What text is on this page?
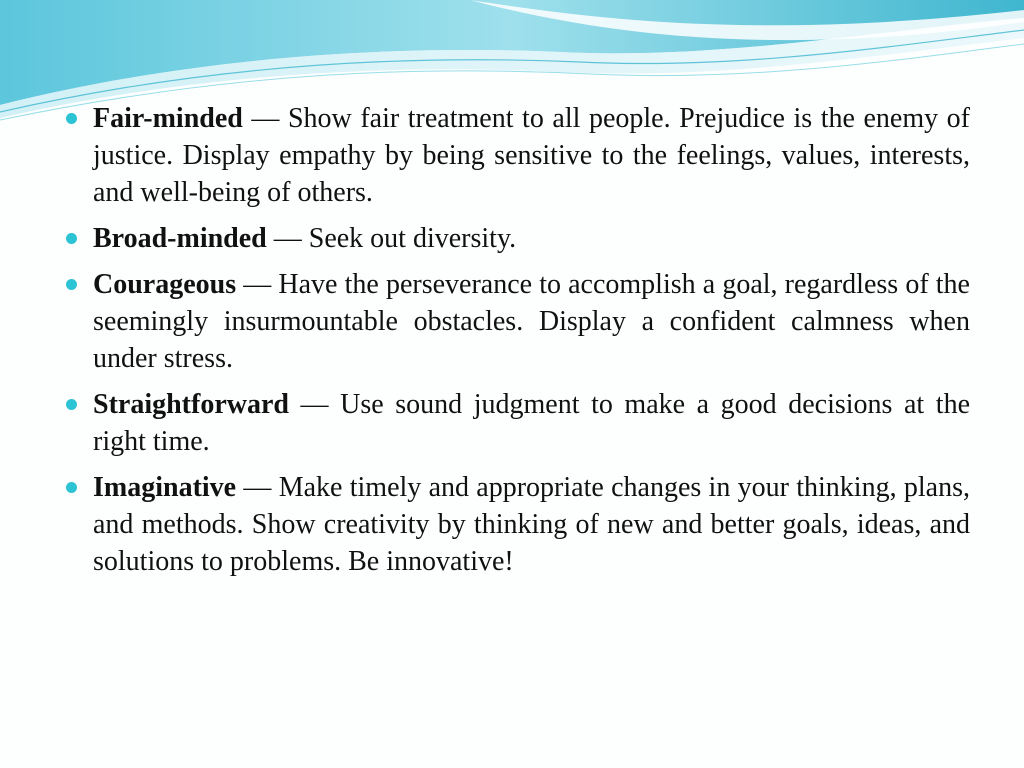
Fair-minded — Show fair treatment to all people. Prejudice is the enemy of justice. Display empathy by being sensitive to the feelings, values, interests, and well-being of others.
Broad-minded — Seek out diversity.
Courageous — Have the perseverance to accomplish a goal, regardless of the seemingly insurmountable obstacles. Display a confident calmness when under stress.
Straightforward — Use sound judgment to make a good decisions at the right time.
Imaginative — Make timely and appropriate changes in your thinking, plans, and methods. Show creativity by thinking of new and better goals, ideas, and solutions to problems. Be innovative!
